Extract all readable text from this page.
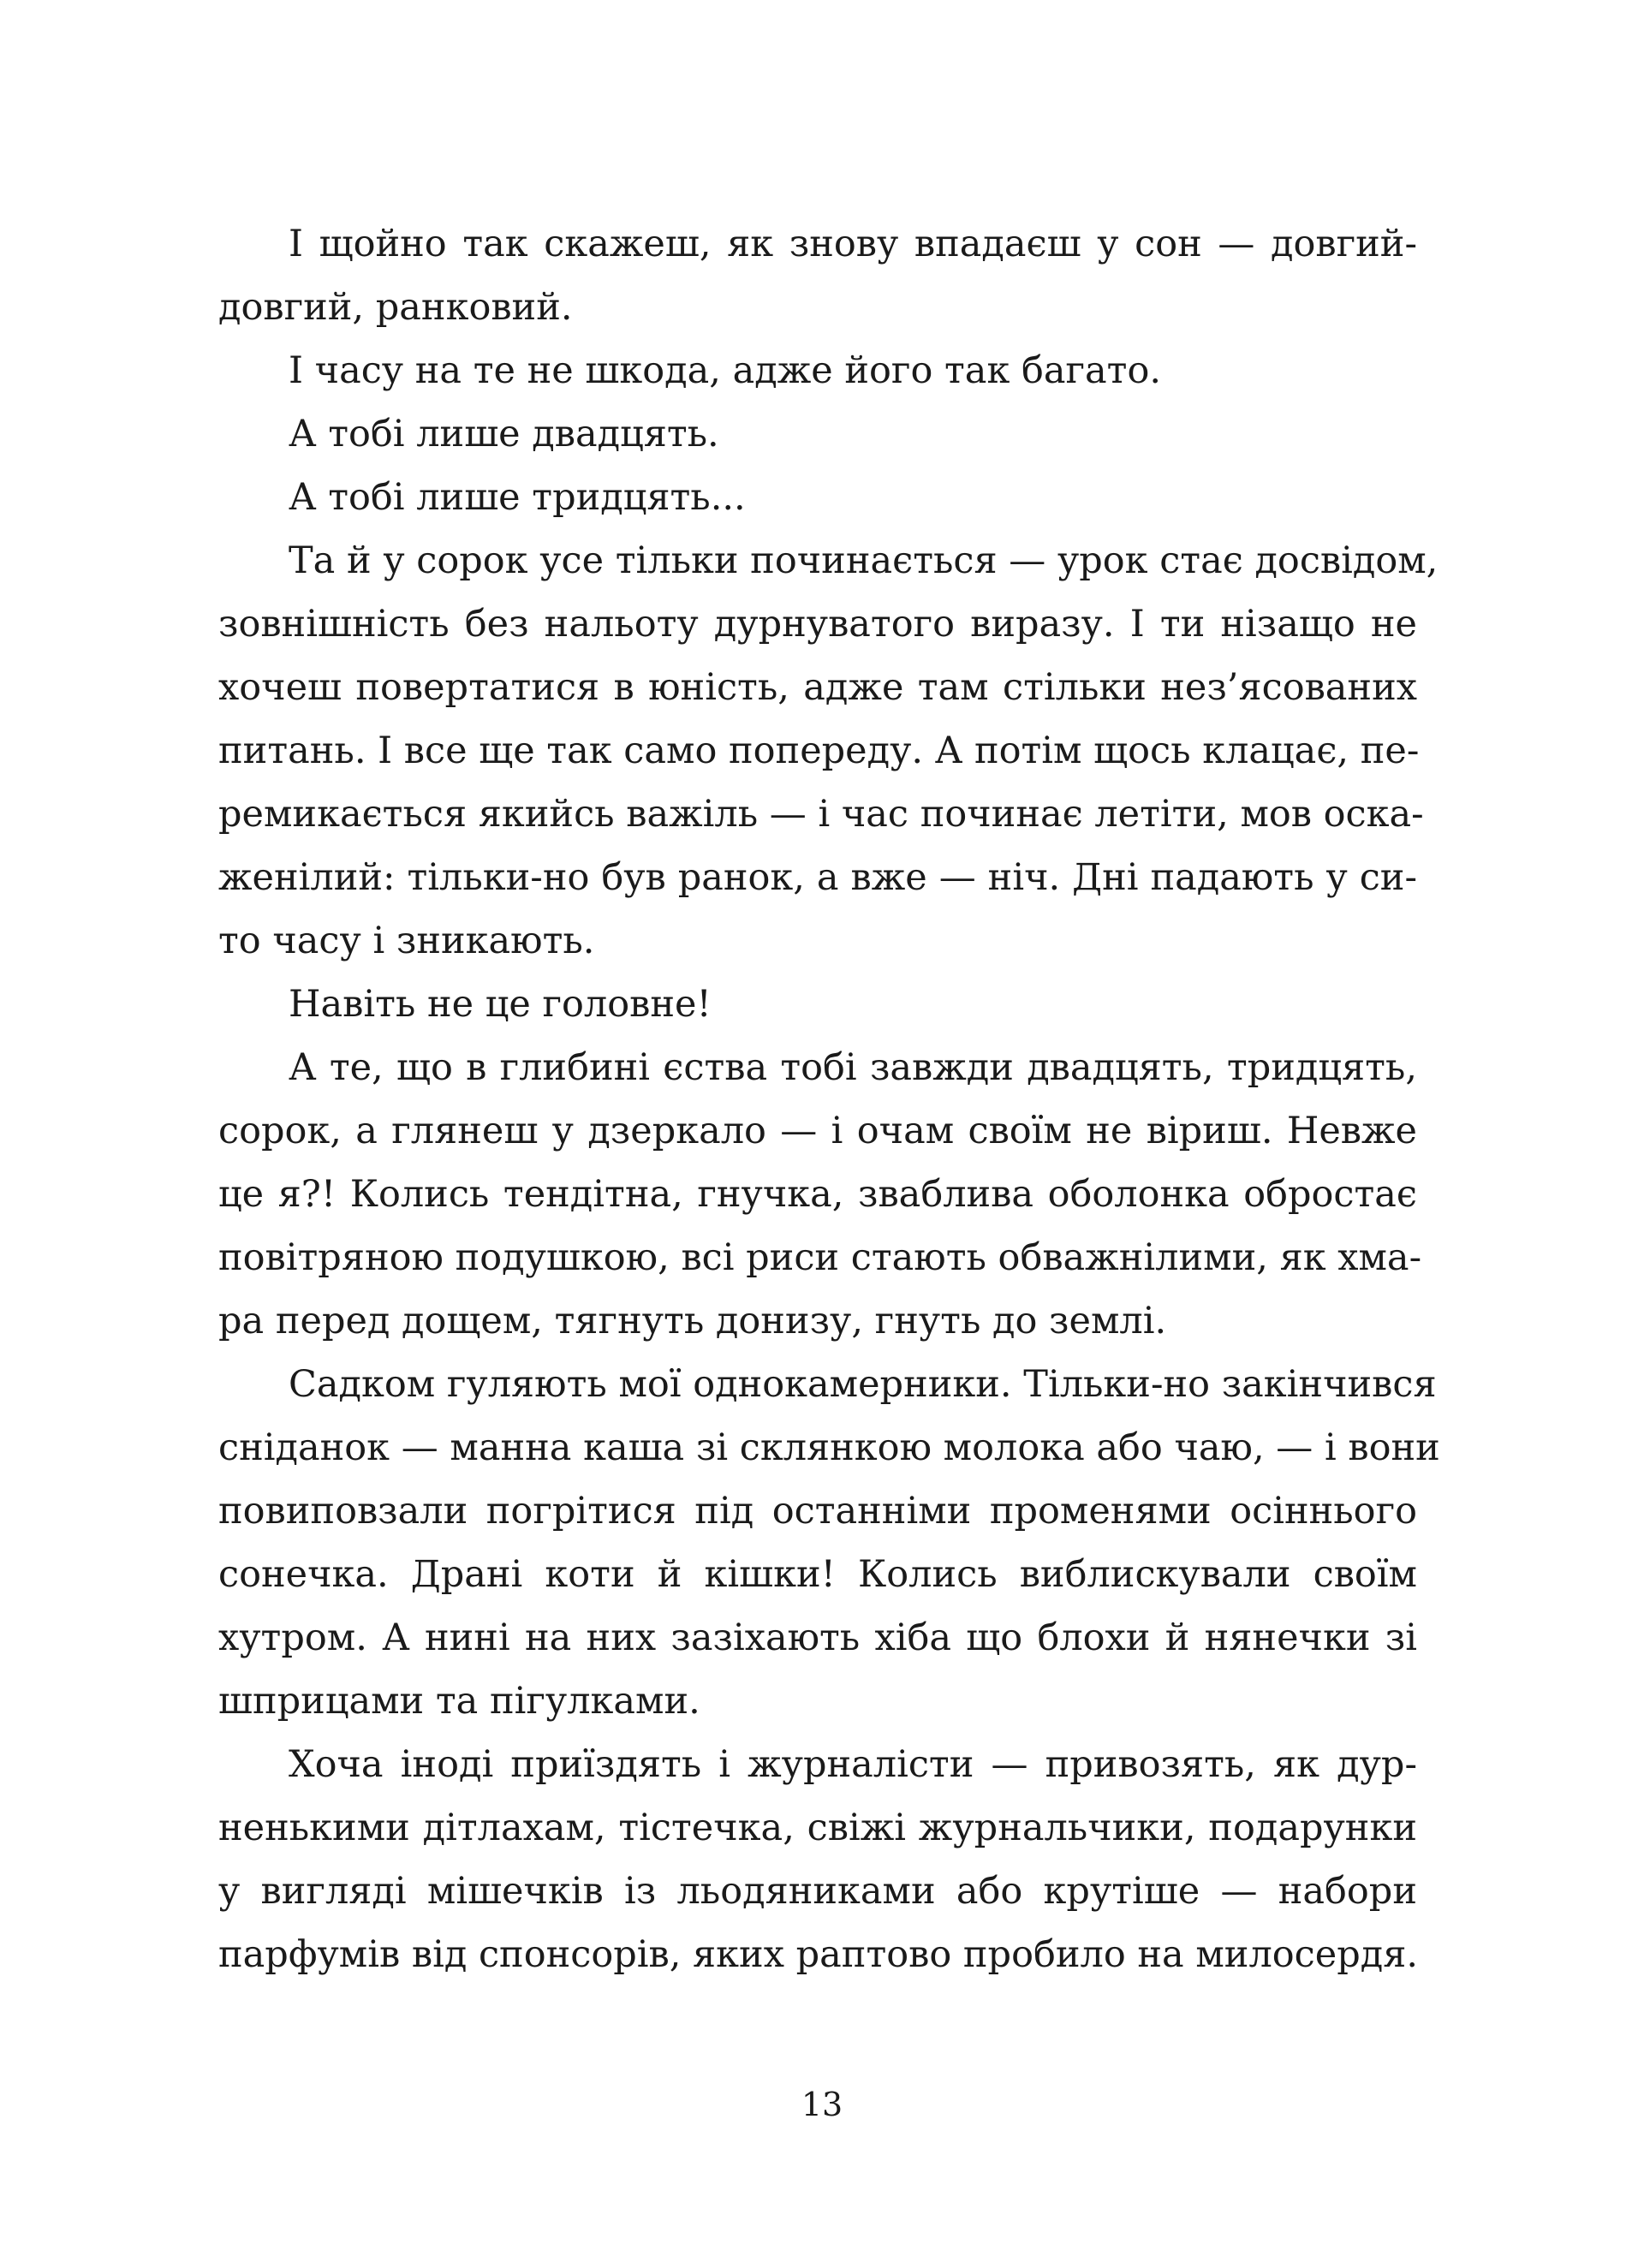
І щойно так скажеш, як знову впадаєш у сон — довгий-
довгий, ранковий.
І часу на те не шкода, адже його так багато.
А тобі лише двадцять.
А тобі лише тридцять...
Та й у сорок усе тільки починається — урок стає досвідом,
зовнішність без нальоту дурнуватого виразу. І ти нізащо не
хочеш повертатися в юність, адже там стільки нез’ясованих
питань. І все ще так само попереду. А потім щось клацає, пе-
ремикається якийсь важіль — і час починає летіти, мов оска-
женілий: тільки-но був ранок, а вже — ніч. Дні падають у си-
то часу і зникають.
Навіть не це головне!
А те, що в глибині єства тобі завжди двадцять, тридцять,
сорок, а глянеш у дзеркало — і очам своїм не віриш. Невже
це я?! Колись тендітна, гнучка, зваблива оболонка обростає
повітряною подушкою, всі риси стають обважнілими, як хма-
ра перед дощем, тягнуть донизу, гнуть до землі.
Садком гуляють мої однокамерники. Тільки-но закінчився
сніданок — манна каша зі склянкою молока або чаю, — і вони
повиповзали погрітися під останніми променями осіннього
сонечка. Драні коти й кішки! Колись виблискували своїм
хутром. А нині на них зазіхають хіба що блохи й нянечки зі
шприцами та пігулками.
Хоча іноді приїздять і журналісти — привозять, як дур-
ненькими дітлахам, тістечка, свіжі журнальчики, подарунки
у вигляді мішечків із льодяниками або крутіше — набори
парфумів від спонсорів, яких раптово пробило на милосердя.
13
